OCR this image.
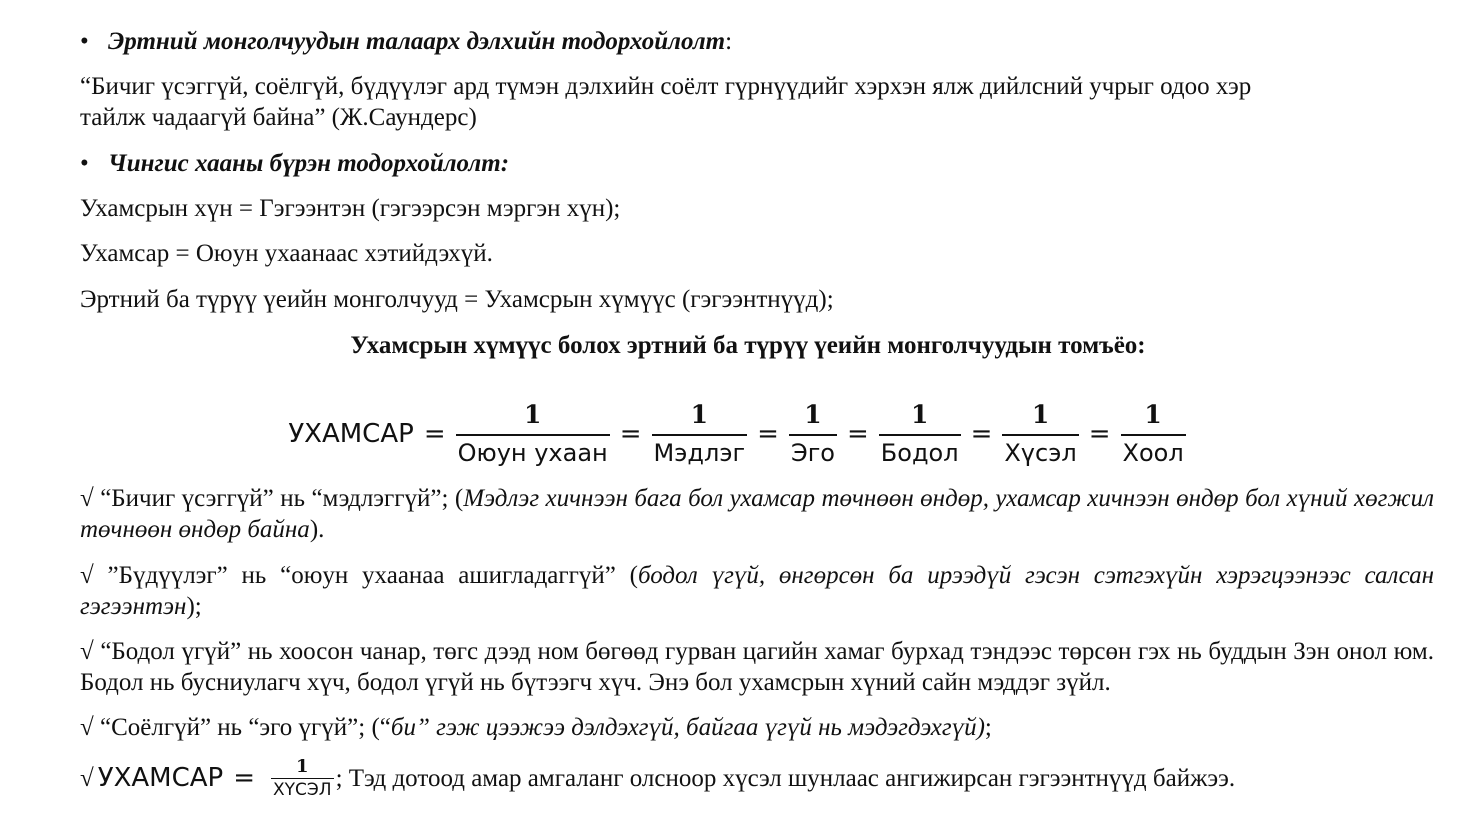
• Эртний монголчуудын талаарх дэлхийн тодорхойлолт:

“Бичиг үсэггүй, соёлгүй, бүдүүлэг ард түмэн дэлхийн соёлт гүрнүүдийг хэрхэн ялж дийлсний учрыг одоо хэр
тайлж чадаагүй байна” (Ж.Саундерс)

• Чингис хааны бүрэн тодорхойлолт:

Ухамсрын хүн = Гэгээнтэн (гэгээрсэн мэргэн хүн);

Ухамсар = Оюун ухаанаас хэтийдэхүй.

Эртний ба түрүү үеийн монголчууд = Ухамсрын хүмүүс (гэгээнтнүүд);

Ухамсрын хүмүүс болох эртний ба түрүү үеийн монголчуудын томъёо:

УХАМСАР = $\frac{1}{\text{Оюун ухаан}} = \frac{1}{\text{Мэдлэг}} = \frac{1}{\text{Эго}} = \frac{1}{\text{Бодол}} = \frac{1}{\text{Хүсэл}} = \frac{1}{\text{Хоол}}$

√ “Бичиг үсэггүй” нь “мэдлэггүй”; (Мэдлэг хичнээн бага бол ухамсар төчнөөн өндөр, ухамсар хичнээн өндөр бол хүний хөгжил төчнөөн өндөр байна).

√ ”Бүдүүлэг” нь “оюун ухаанаа ашигладаггүй” (бодол үгүй, өнгөрсөн ба ирээдүй гэсэн сэтгэхүйн хэрэгцээнээс салсан гэгээнтэн);

√ “Бодол үгүй” нь хоосон чанар, төгс дээд ном бөгөөд гурван цагийн хамаг бурхад тэндээс төрсөн гэх нь буддын Зэн онол юм. Бодол нь бусниулагч хүч, бодол үгүй нь бүтээгч хүч. Энэ бол ухамсрын хүний сайн мэддэг зүйл.

√ “Соёлгүй” нь “эго үгүй”; (“би” гэж цээжээ дэлдэхгүй, байгаа үгүй нь мэдэгдэхгүй);

√ УХАМСАР = $\frac{1}{\text{ХҮСЭЛ}}$ ; Тэд дотоод амар амгаланг олсноор хүсэл шунлаас ангижирсан гэгээнтнүүд байжээ.
